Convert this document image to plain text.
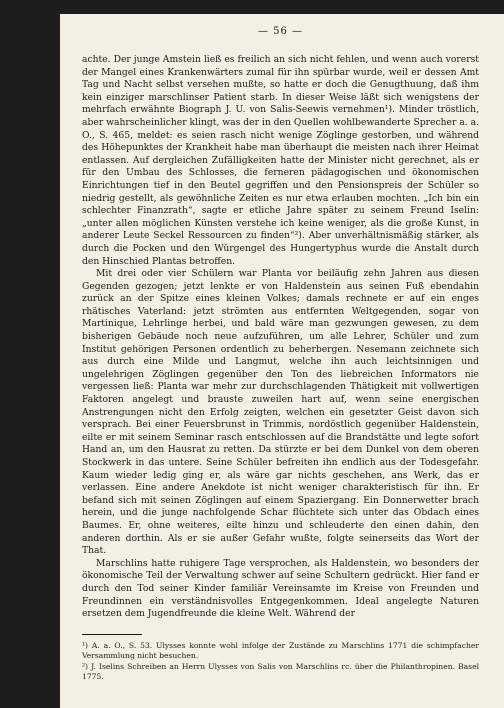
— 56 —

achte. Der junge Amstein ließ es freilich an sich nicht fehlen, und wenn auch vorerst der Mangel eines Krankenwärters zumal für ihn spürbar wurde, weil er dessen Amt Tag und Nacht selbst versehen mußte, so hatte er doch die Genugthuung, daß ihm kein einziger marschlinser Patient starb. In dieser Weise läßt sich wenigstens der mehrfach erwähnte Biograph J. U. von Salis-Seewis vernehmen¹). Minder tröstlich, aber wahrscheinlicher klingt, was der in den Quellen wohlbewanderte Sprecher a. a. O., S. 465, meldet: es seien rasch nicht wenige Zöglinge gestorben, und während des Höhepunktes der Krankheit habe man überhaupt die meisten nach ihrer Heimat entlassen. Auf dergleichen Zufälligkeiten hatte der Minister nicht gerechnet, als er für den Umbau des Schlosses, die ferneren pädagogischen und ökonomischen Einrichtungen tief in den Beutel gegriffen und den Pensionspreis der Schüler so niedrig gestellt, als gewöhnliche Zeiten es nur etwa erlauben mochten. „Ich bin ein schlechter Finanzrath“, sagte er etliche Jahre später zu seinem Freund Iselin: „unter allen möglichen Künsten verstehe ich keine weniger, als die große Kunst, in anderer Leute Seckel Ressourcen zu finden“²). Aber unverhältnismäßig stärker, als durch die Pocken und den Würgengel des Hungertyphus wurde die Anstalt durch den Hinschied Plantas betroffen.

Mit drei oder vier Schülern war Planta vor beiläufig zehn Jahren aus diesen Gegenden gezogen; jetzt lenkte er von Haldenstein aus seinen Fuß ebendahin zurück an der Spitze eines kleinen Volkes; damals rechnete er auf ein enges rhätisches Vaterland: jetzt strömten aus entfernten Weltgegenden, sogar von Martinique, Lehrlinge herbei, und bald wäre man gezwungen gewesen, zu dem bisherigen Gebäude noch neue aufzuführen, um alle Lehrer, Schüler und zum Institut gehörigen Personen ordentlich zu beherbergen. Nesemann zeichnete sich aus durch eine Milde und Langmut, welche ihn auch leichtsinnigen und ungelehrigen Zöglingen gegenüber den Ton des liebreichen Informators nie vergessen ließ: Planta war mehr zur durchschlagenden Thätigkeit mit vollwertigen Faktoren angelegt und brauste zuweilen hart auf, wenn seine energischen Anstrengungen nicht den Erfolg zeigten, welchen ein gesetzter Geist davon sich versprach. Bei einer Feuersbrunst in Trimmis, nordöstlich gegenüber Haldenstein, eilte er mit seinem Seminar rasch entschlossen auf die Brandstätte und legte sofort Hand an, um den Hausrat zu retten. Da stürzte er bei dem Dunkel von dem oberen Stockwerk in das untere. Seine Schüler befreiten ihn endlich aus der Todesgefahr. Kaum wieder ledig ging er, als wäre gar nichts geschehen, ans Werk, das er verlassen. Eine andere Anekdote ist nicht weniger charakteristisch für ihn. Er befand sich mit seinen Zöglingen auf einem Spaziergang. Ein Donnerwetter brach herein, und die junge nachfolgende Schar flüchtete sich unter das Obdach eines Baumes. Er, ohne weiteres, eilte hinzu und schleuderte den einen dahin, den anderen dorthin. Als er sie außer Gefahr wußte, folgte seinerseits das Wort der That.

Marschlins hatte ruhigere Tage versprochen, als Haldenstein, wo besonders der ökonomische Teil der Verwaltung schwer auf seine Schultern gedrückt. Hier fand er durch den Tod seiner Kinder familiär Vereinsamte im Kreise von Freunden und Freundinnen ein verständnisvolles Entgegenkommen. Ideal angelegte Naturen ersetzen dem Jugendfreunde die kleine Welt. Während der

¹) A. a. O., S. 53. Ulysses konnte wohl infolge der Zustände zu Marschlins 1771 die schimpfacher Versammlung nicht besuchen.

²) J. Iselins Schreiben an Herrn Ulysses von Salis von Marschlins rc. über die Philanthropinen. Basel 1775.
